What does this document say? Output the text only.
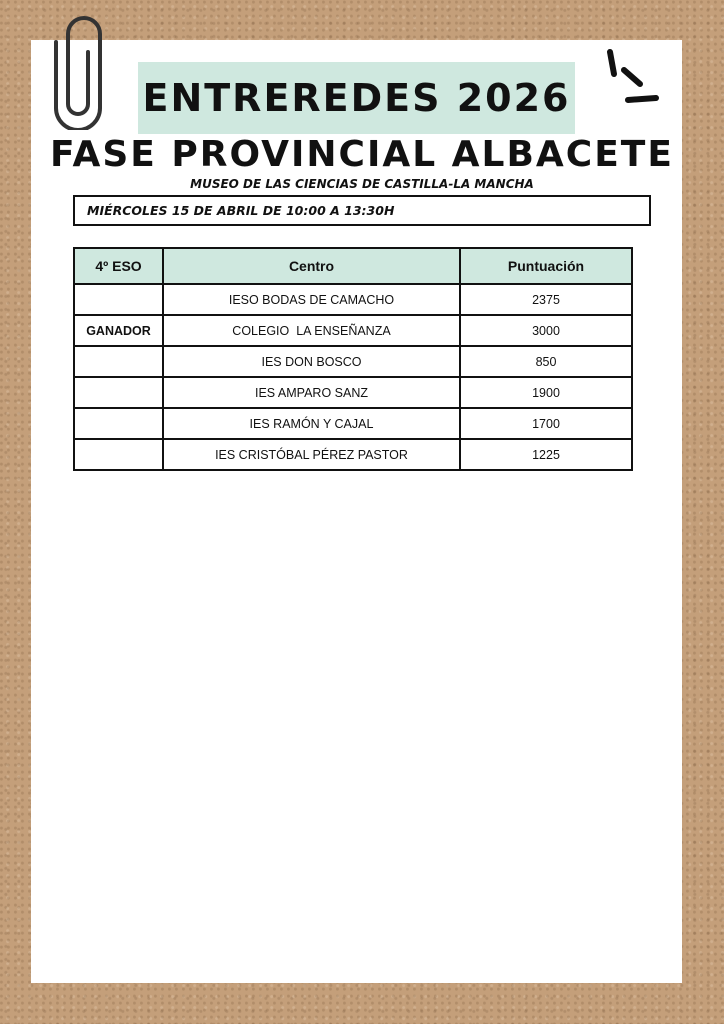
ENTREREDES 2026
FASE PROVINCIAL ALBACETE
MUSEO DE LAS CIENCIAS DE CASTILLA-LA MANCHA
MIÉRCOLES 15 DE ABRIL DE 10:00 A 13:30H
4º ESO	Centro	Puntuación
	IESO BODAS DE CAMACHO	2375
GANADOR	COLEGIO  LA ENSEÑANZA	3000
	IES DON BOSCO	850
	IES AMPARO SANZ	1900
	IES RAMÓN Y CAJAL	1700
	IES CRISTÓBAL PÉREZ PASTOR	1225
